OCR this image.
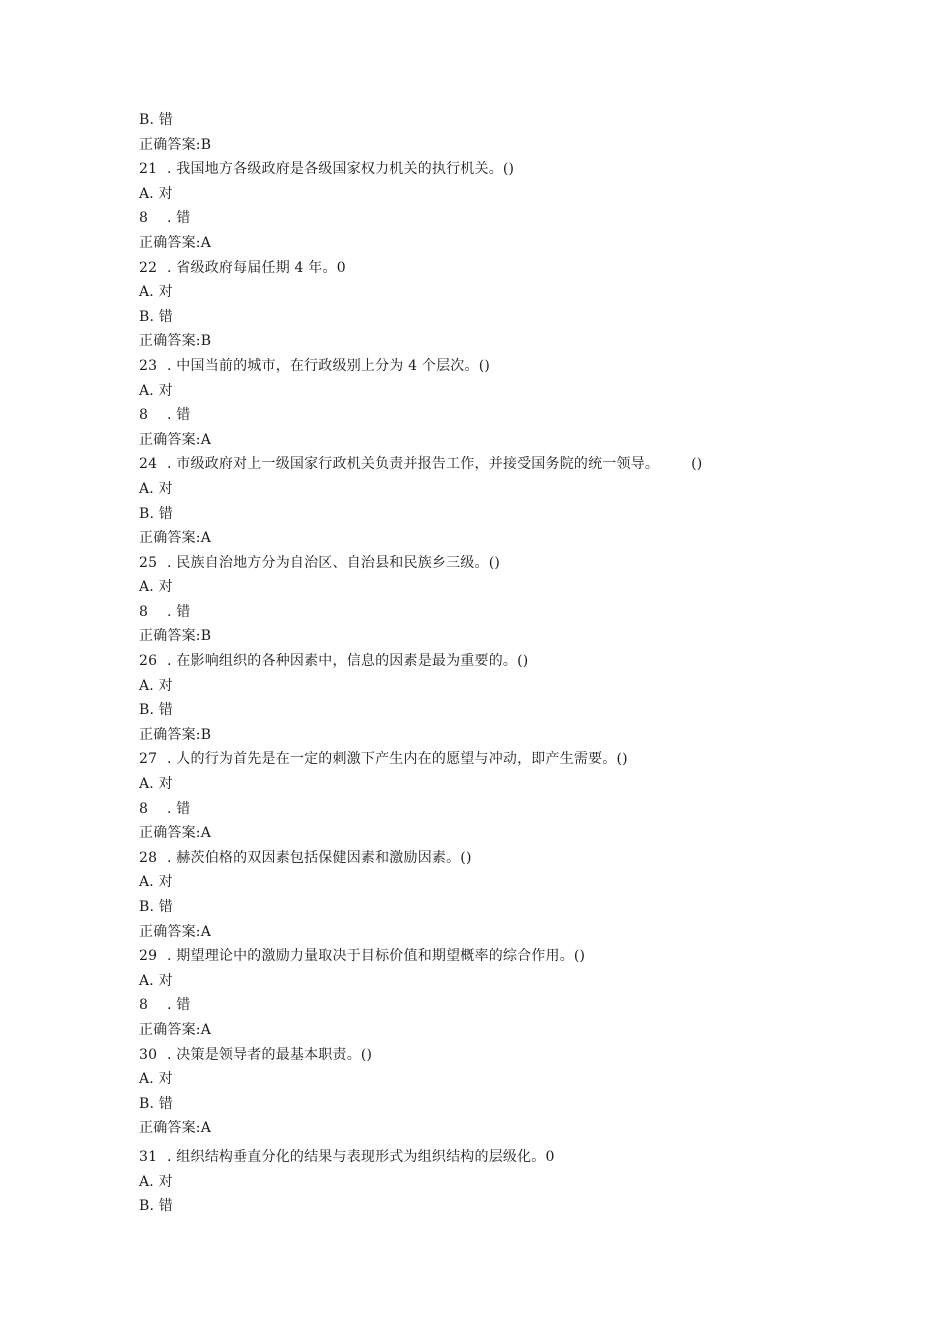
B. 错
正确答案:B
21 . 我国地方各级政府是各级国家权力机关的执行机关。()
A. 对
8 . 错
正确答案:A
22 . 省级政府每届任期 4 年。0
A. 对
B. 错
正确答案:B
23 . 中国当前的城市，在行政级别上分为 4 个层次。()
A. 对
8 . 错
正确答案:A
24 . 市级政府对上一级国家行政机关负责并报告工作，并接受国务院的统一领导。 ()
A. 对
B. 错
正确答案:A
25 . 民族自治地方分为自治区、自治县和民族乡三级。()
A. 对
8 . 错
正确答案:B
26 . 在影响组织的各种因素中，信息的因素是最为重要的。()
A. 对
B. 错
正确答案:B
27 . 人的行为首先是在一定的刺激下产生内在的愿望与冲动，即产生需要。()
A. 对
8 . 错
正确答案:A
28 . 赫茨伯格的双因素包括保健因素和激励因素。()
A. 对
B. 错
正确答案:A
29 . 期望理论中的激励力量取决于目标价值和期望概率的综合作用。()
A. 对
8 . 错
正确答案:A
30 . 决策是领导者的最基本职责。()
A. 对
B. 错
正确答案:A
31 . 组织结构垂直分化的结果与表现形式为组织结构的层级化。0
A. 对
B. 错
